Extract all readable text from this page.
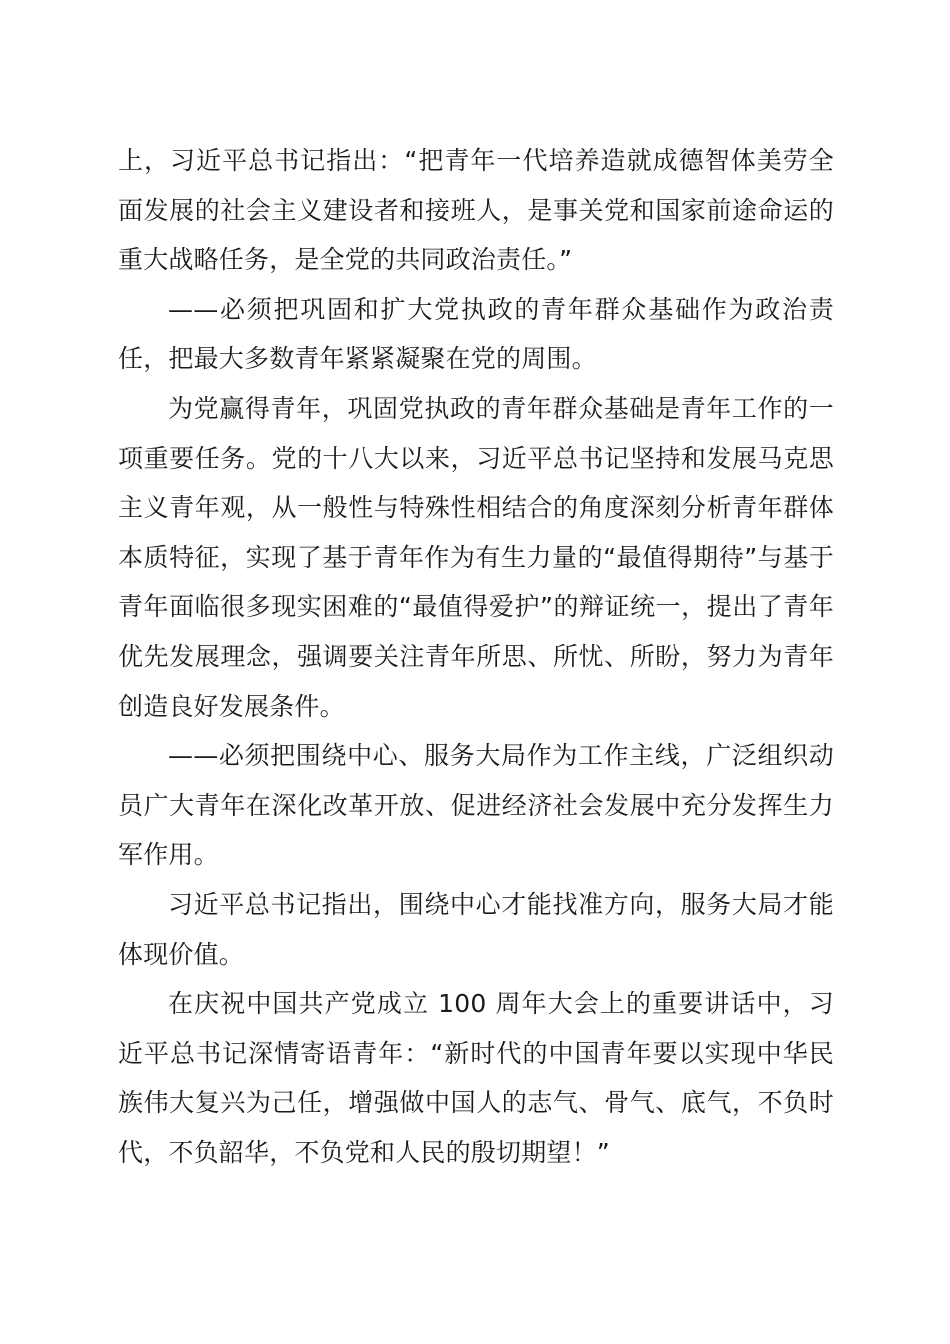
上，习近平总书记指出：“把青年一代培养造就成德智体美劳全面发展的社会主义建设者和接班人，是事关党和国家前途命运的重大战略任务，是全党的共同政治责任。”

——必须把巩固和扩大党执政的青年群众基础作为政治责任，把最大多数青年紧紧凝聚在党的周围。

为党赢得青年，巩固党执政的青年群众基础是青年工作的一项重要任务。党的十八大以来，习近平总书记坚持和发展马克思主义青年观，从一般性与特殊性相结合的角度深刻分析青年群体本质特征，实现了基于青年作为有生力量的“最值得期待”与基于青年面临很多现实困难的“最值得爱护”的辩证统一，提出了青年优先发展理念，强调要关注青年所思、所忧、所盼，努力为青年创造良好发展条件。

——必须把围绕中心、服务大局作为工作主线，广泛组织动员广大青年在深化改革开放、促进经济社会发展中充分发挥生力军作用。

习近平总书记指出，围绕中心才能找准方向，服务大局才能体现价值。

在庆祝中国共产党成立 100 周年大会上的重要讲话中，习近平总书记深情寄语青年：“新时代的中国青年要以实现中华民族伟大复兴为己任，增强做中国人的志气、骨气、底气，不负时代，不负韶华，不负党和人民的殷切期望！”
